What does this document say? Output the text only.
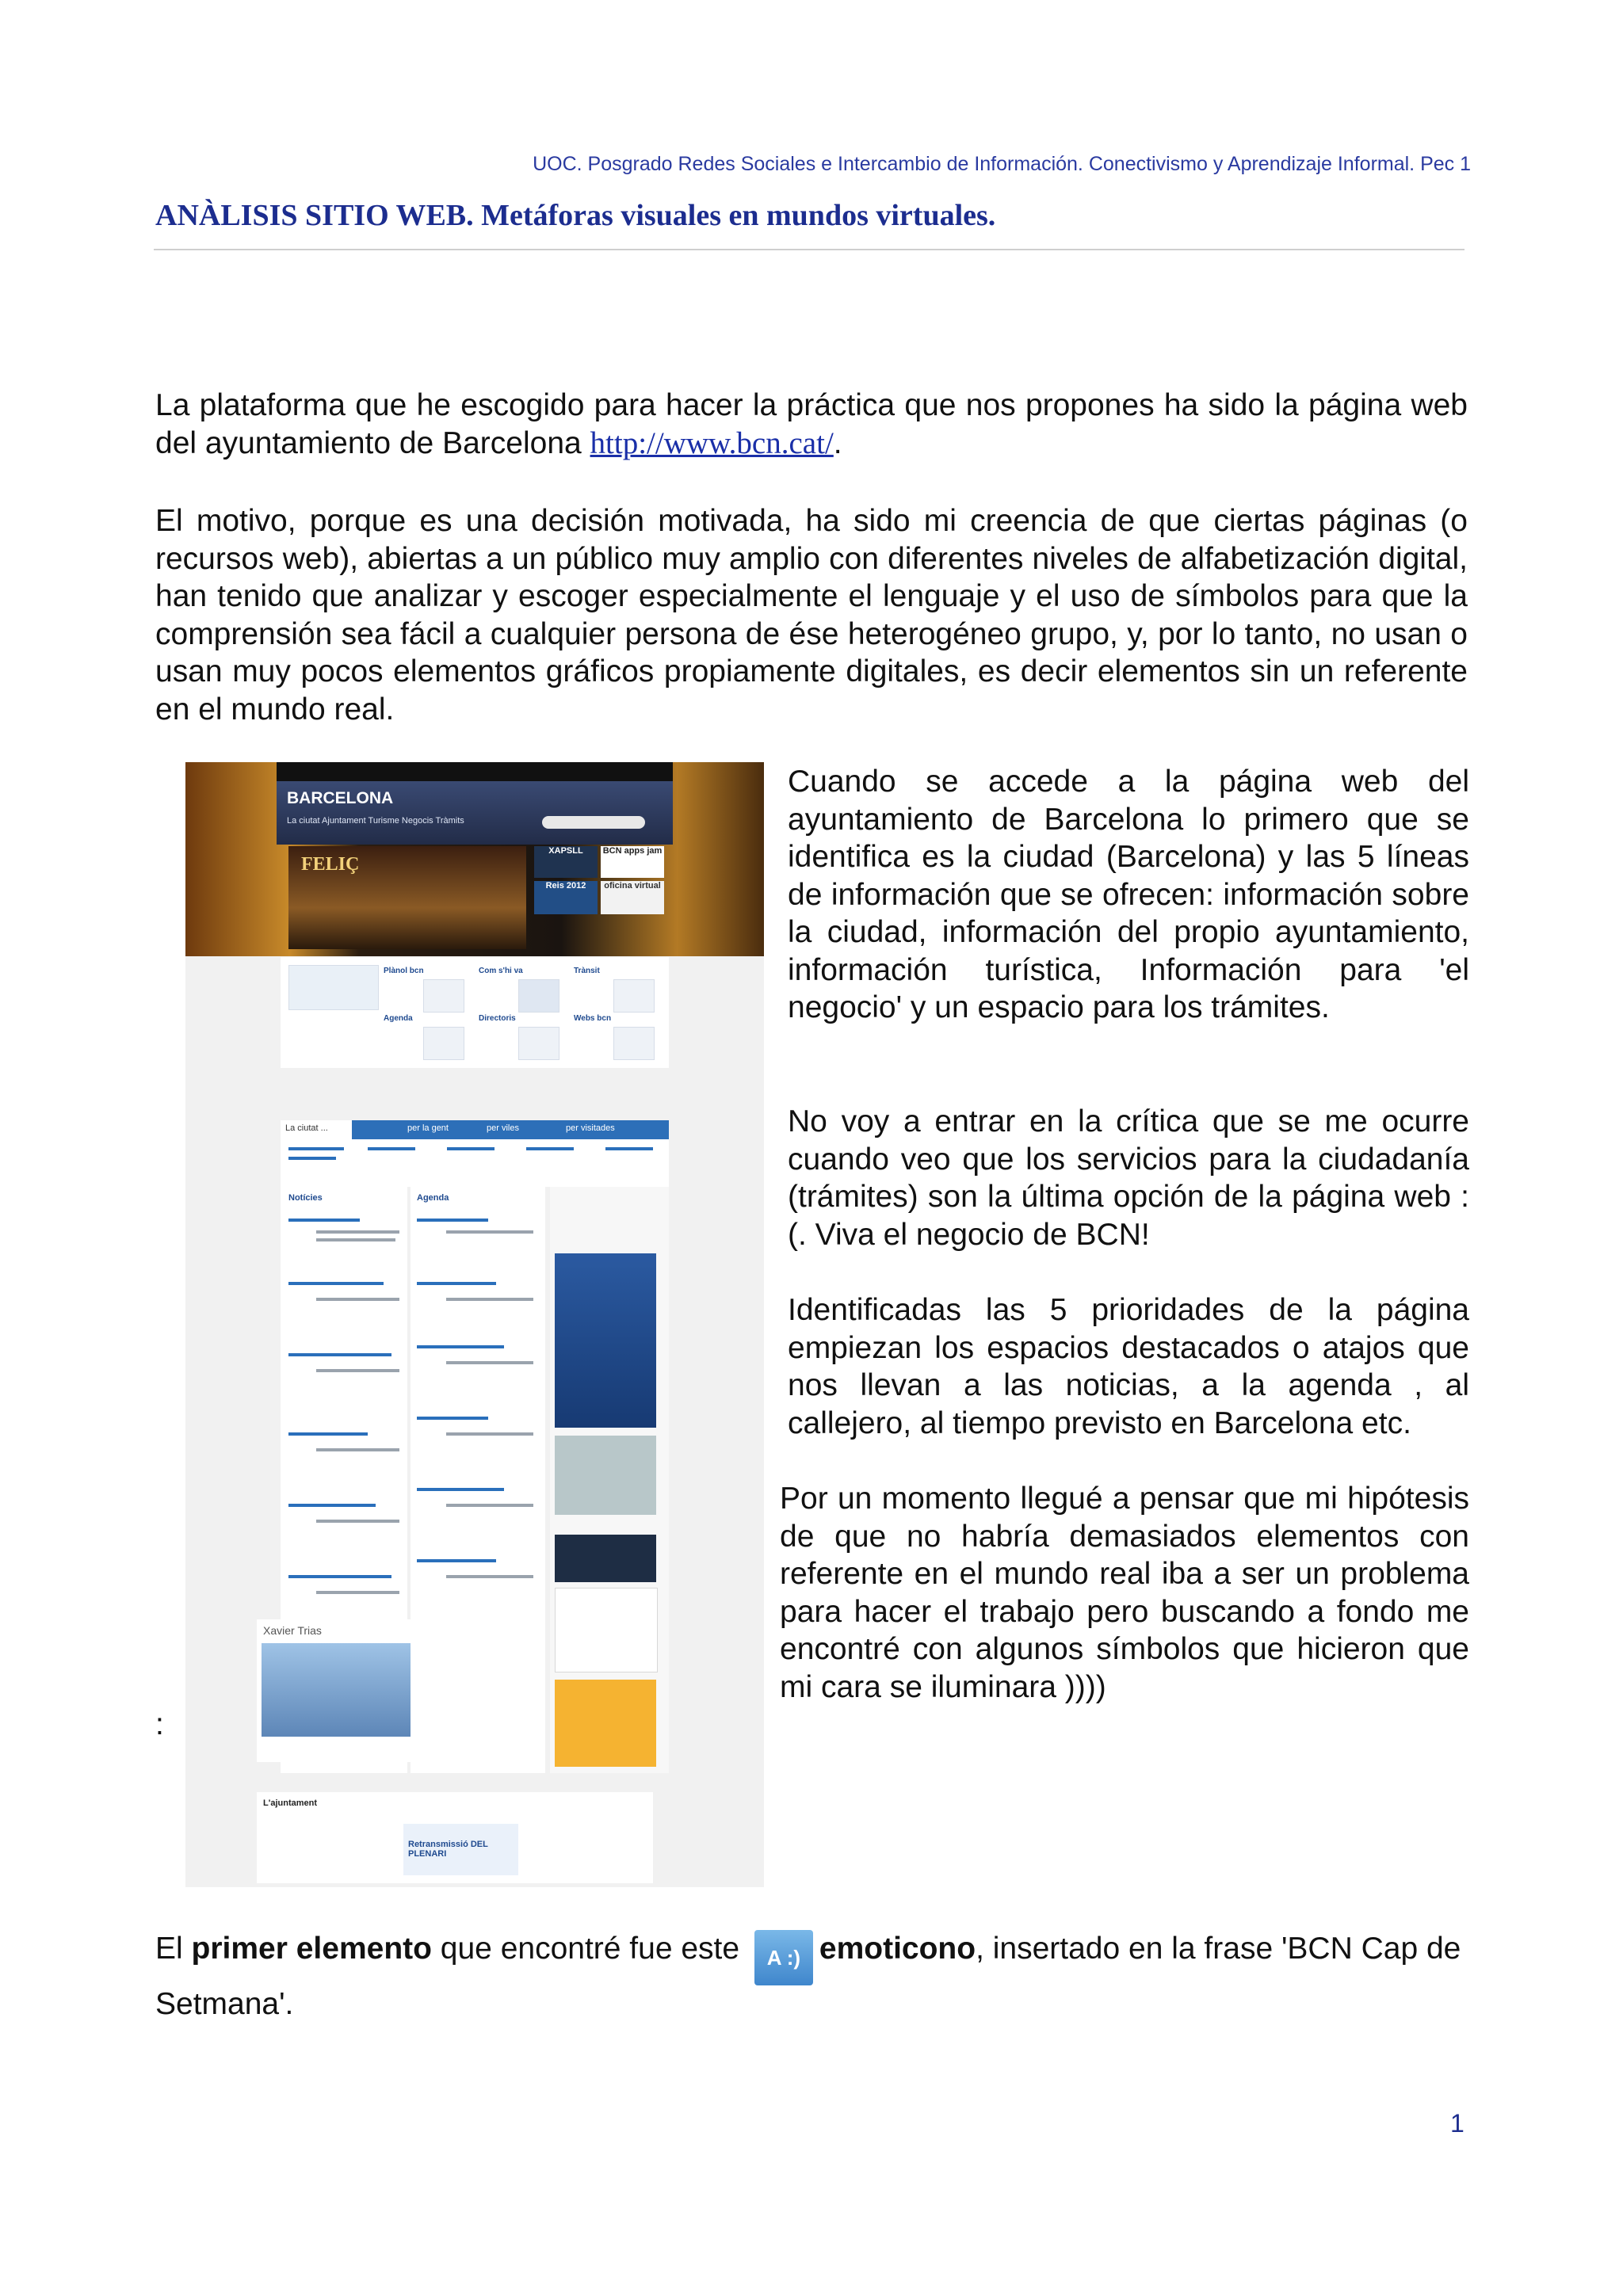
UOC. Posgrado Redes Sociales e Intercambio de Información. Conectivismo y Aprendizaje Informal. Pec 1
ANÀLISIS SITIO WEB. Metáforas visuales en mundos virtuales.
La plataforma que he escogido para hacer la práctica que nos propones ha sido la página web del ayuntamiento de Barcelona http://www.bcn.cat/.
El motivo, porque es una decisión motivada, ha sido mi creencia de que ciertas páginas (o recursos web), abiertas a un público muy amplio con diferentes niveles de alfabetización digital, han tenido que analizar y escoger especialmente el lenguaje y el uso de símbolos para que la comprensión sea fácil a cualquier persona de ése heterogéneo grupo, y, por lo tanto, no usan o usan muy pocos elementos gráficos propiamente digitales, es decir elementos sin un referente en el mundo real.
BARCELONA
La ciutat Ajuntament Turisme Negocis Tràmits
FELIÇ
XAPSLL	BCN apps jam
Reis 2012	oficina virtual
Plànol bcn	Com s'hi va	Trànsit
Agenda	Directoris	Webs bcn
La ciutat ...	per la gent	per viles	per visitades
Notícies	Agenda
Xavier Trias
L'ajuntament
Retransmissió DEL PLENARI
Cuando se accede a la página web del ayuntamiento de Barcelona lo primero que se identifica es la ciudad (Barcelona) y las 5 líneas de información que se ofrecen: información sobre la ciudad, información del propio ayuntamiento, información turística, Información para 'el negocio' y un espacio para los trámites.
No voy a entrar en la crítica que se me ocurre cuando veo que los servicios para la ciudadanía (trámites) son la última opción de la página web :(. Viva el negocio de BCN!
Identificadas las 5 prioridades de la página empiezan los espacios destacados o atajos que nos llevan a las noticias, a la agenda , al callejero, al tiempo previsto en Barcelona etc.
Por un momento llegué a pensar que mi hipótesis de que no habría demasiados elementos con referente en el mundo real iba a ser un problema para hacer el trabajo pero buscando a fondo me encontré con algunos símbolos que hicieron que mi cara se iluminara ))))
:
El primer elemento que encontré fue este A :) emoticono, insertado en la frase 'BCN Cap de Setmana'.
1
